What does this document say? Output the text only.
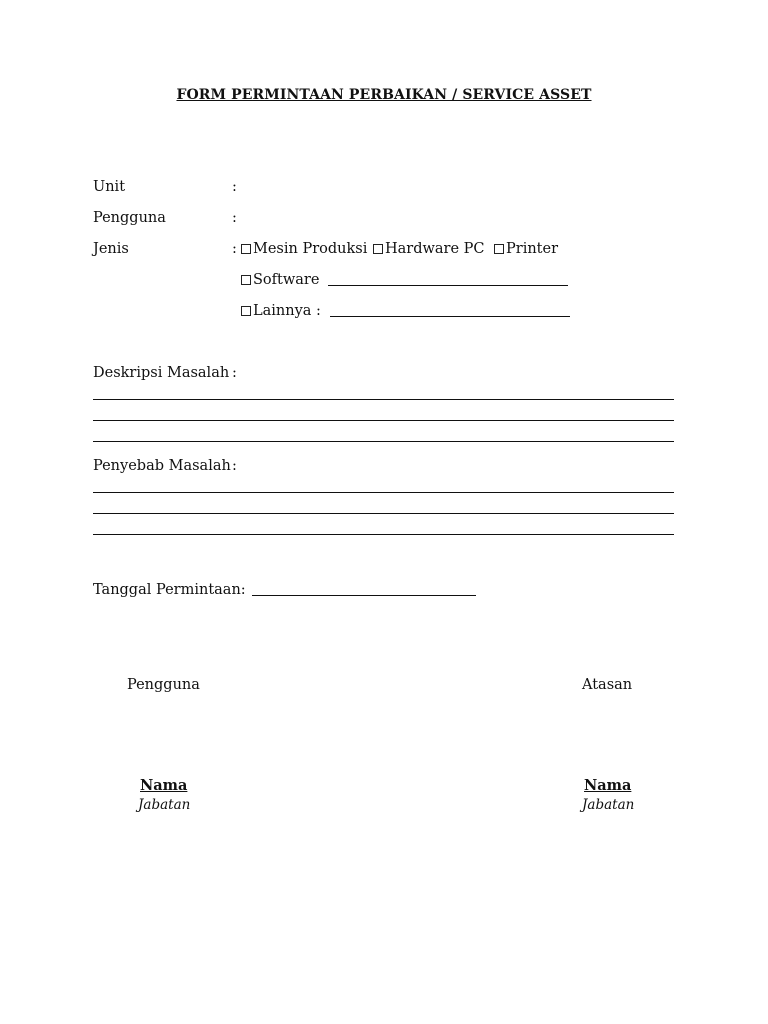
FORM PERMINTAAN PERBAIKAN / SERVICE ASSET
Unit	:
Pengguna	:
Jenis	:	Mesin Produksi	Hardware PC	Printer
Software
Lainnya :
Deskripsi Masalah :
Penyebab Masalah :
Tanggal Permintaan:
Pengguna	Atasan
Nama
Jabatan
Nama
Jabatan
